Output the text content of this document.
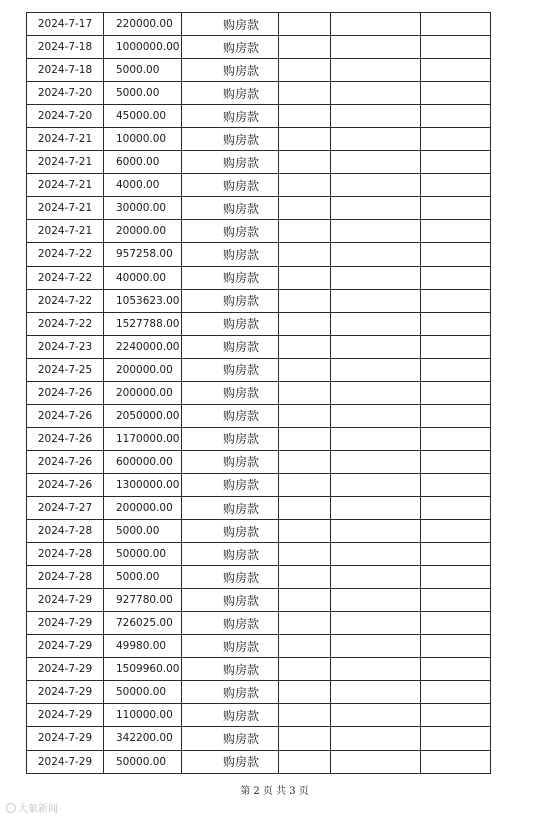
2024-7-17	220000.00	购房款			
2024-7-18	1000000.00	购房款			
2024-7-18	5000.00	购房款			
2024-7-20	5000.00	购房款			
2024-7-20	45000.00	购房款			
2024-7-21	10000.00	购房款			
2024-7-21	6000.00	购房款			
2024-7-21	4000.00	购房款			
2024-7-21	30000.00	购房款			
2024-7-21	20000.00	购房款			
2024-7-22	957258.00	购房款			
2024-7-22	40000.00	购房款			
2024-7-22	1053623.00	购房款			
2024-7-22	1527788.00	购房款			
2024-7-23	2240000.00	购房款			
2024-7-25	200000.00	购房款			
2024-7-26	200000.00	购房款			
2024-7-26	2050000.00	购房款			
2024-7-26	1170000.00	购房款			
2024-7-26	600000.00	购房款			
2024-7-26	1300000.00	购房款			
2024-7-27	200000.00	购房款			
2024-7-28	5000.00	购房款			
2024-7-28	50000.00	购房款			
2024-7-28	5000.00	购房款			
2024-7-29	927780.00	购房款			
2024-7-29	726025.00	购房款			
2024-7-29	49980.00	购房款			
2024-7-29	1509960.00	购房款			
2024-7-29	50000.00	购房款			
2024-7-29	110000.00	购房款			
2024-7-29	342200.00	购房款			
2024-7-29	50000.00	购房款			
第 2 页 共 3 页
大象新闻
